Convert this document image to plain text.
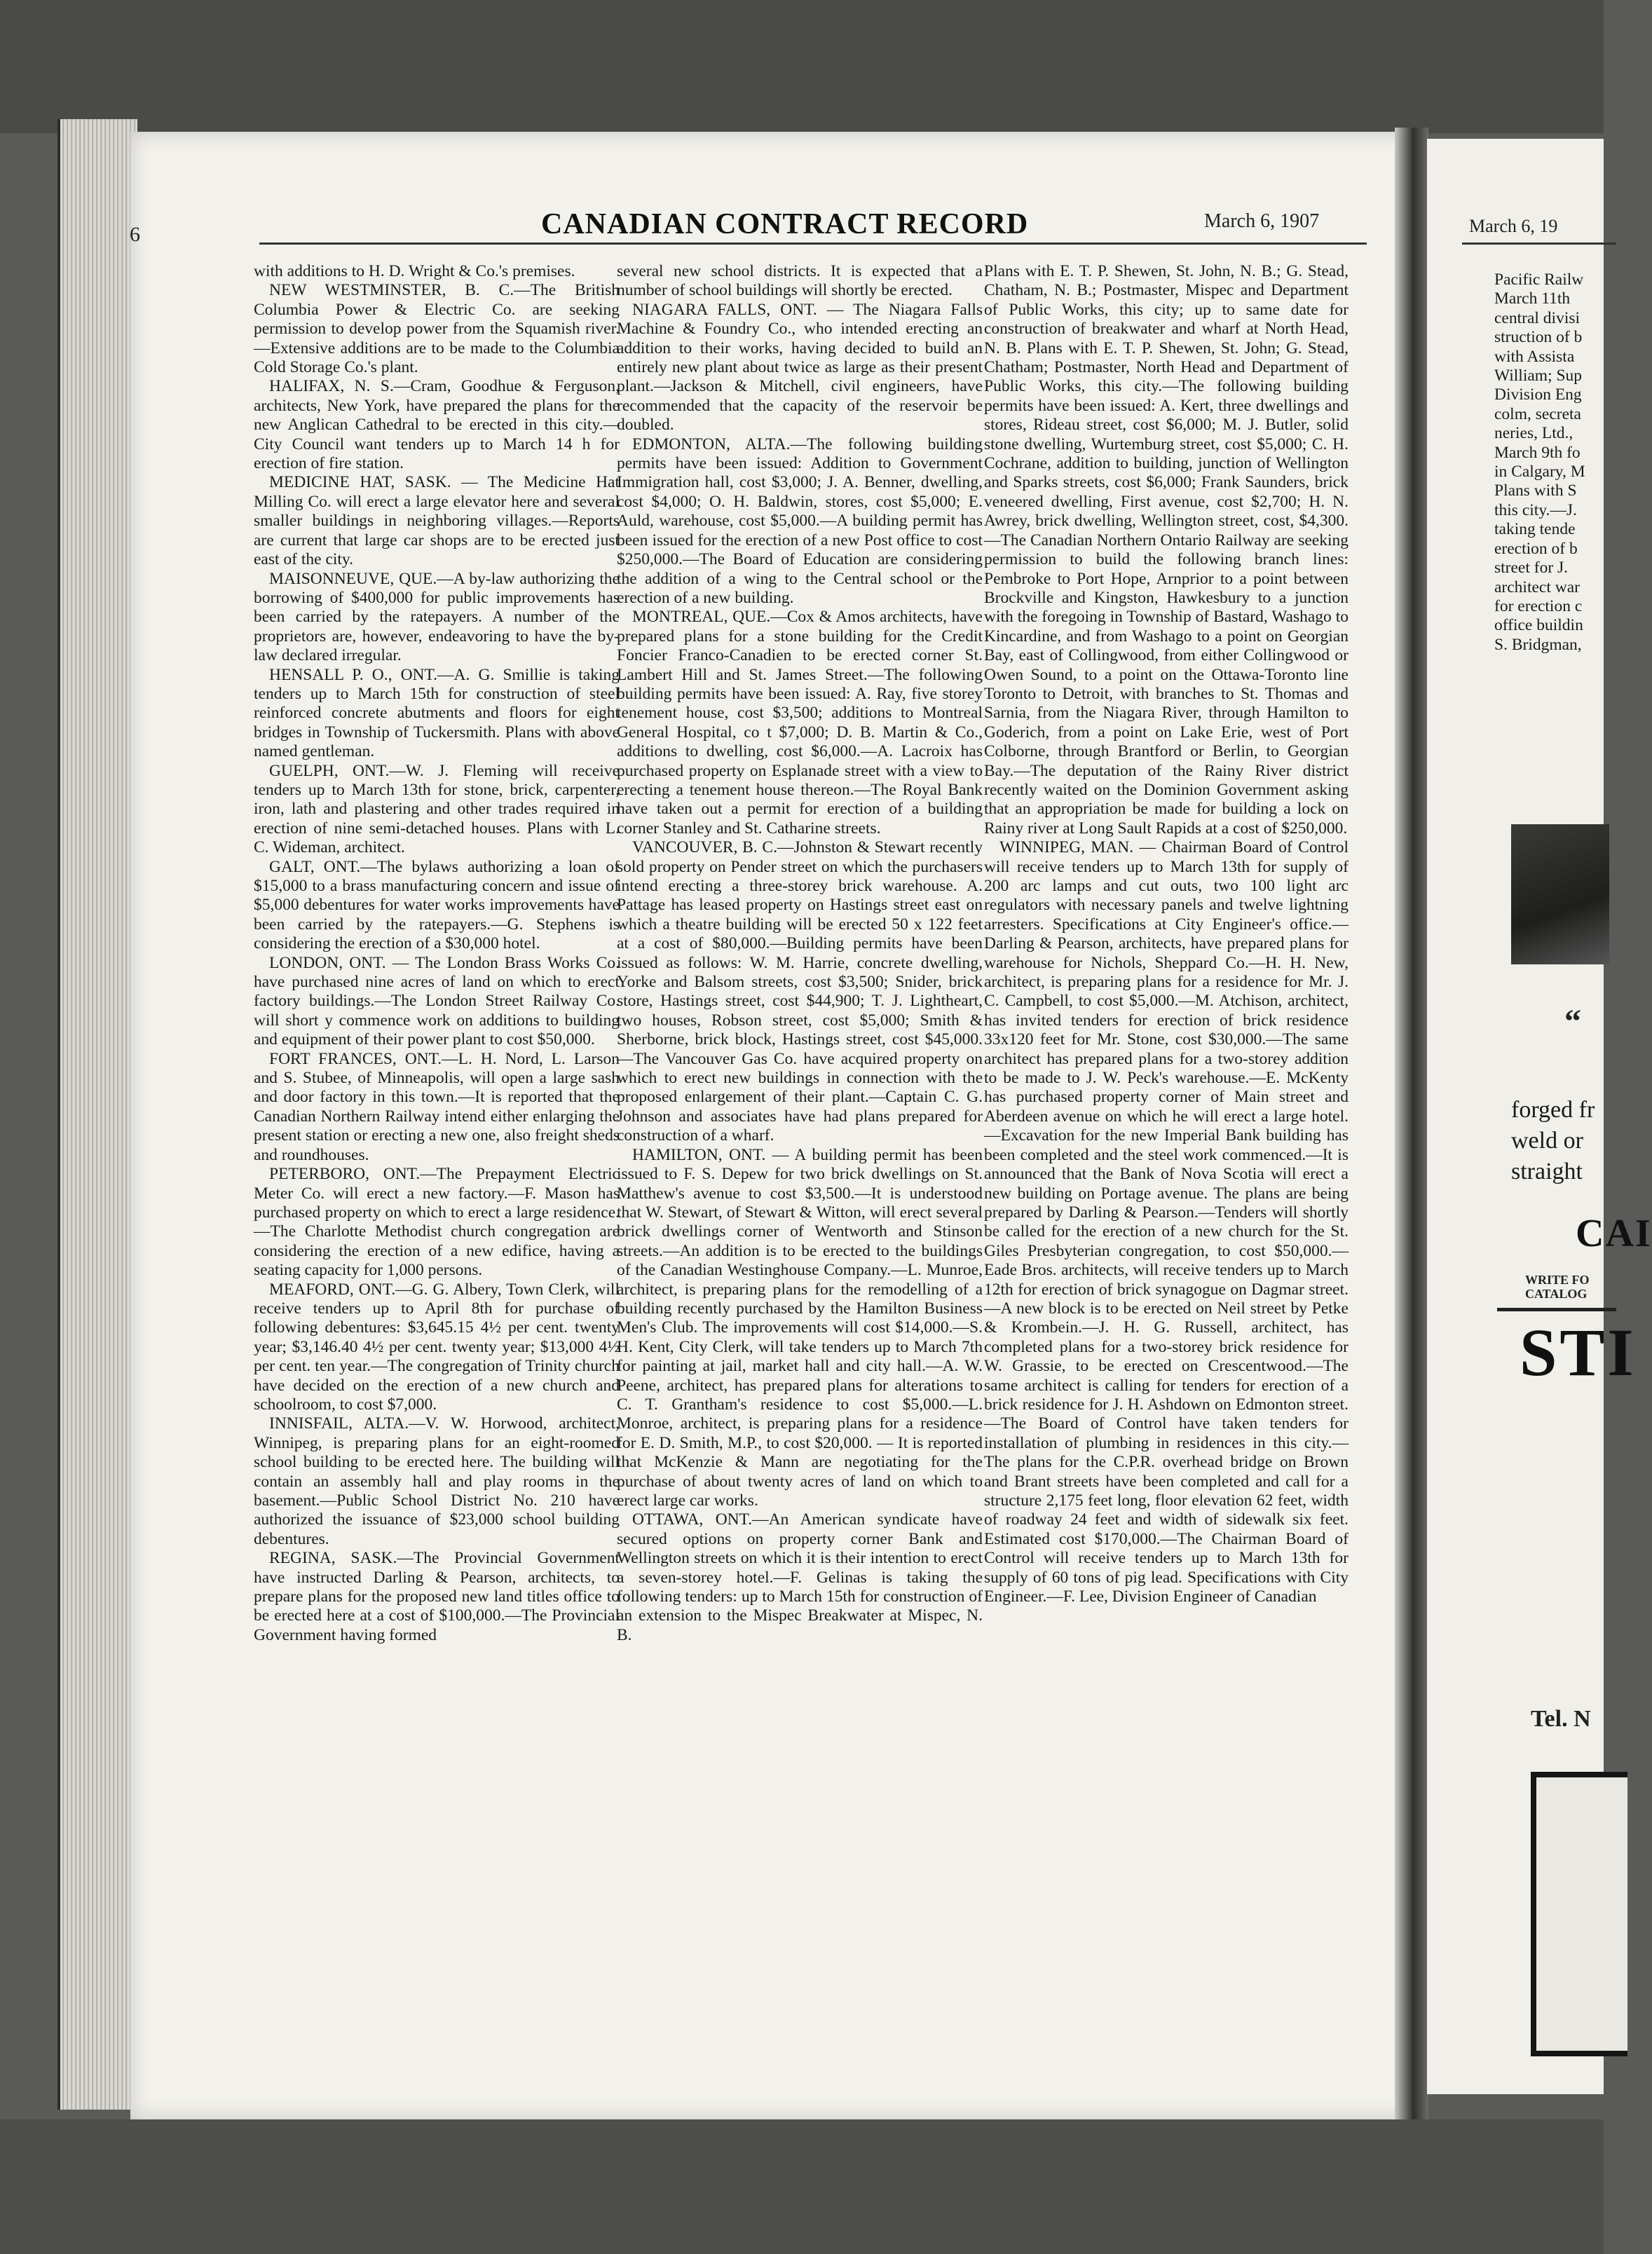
6	CANADIAN CONTRACT RECORD	March 6, 1907

with additions to H. D. Wright & Co.'s premises.

NEW WESTMINSTER, B. C.—The British Columbia Power & Electric Co. are seeking permission to develop power from the Squamish river.—Extensive additions are to be made to the Columbia Cold Storage Co.'s plant.

HALIFAX, N. S.—Cram, Goodhue & Ferguson, architects, New York, have prepared the plans for the new Anglican Cathedral to be erected in this city.—City Council want tenders up to March 14 h for erection of fire station.

MEDICINE HAT, SASK. — The Medicine Hat Milling Co. will erect a large elevator here and several smaller buildings in neighboring villages.—Reports are current that large car shops are to be erected just east of the city.

MAISONNEUVE, QUE.—A by-law authorizing the borrowing of $400,000 for public improvements has been carried by the ratepayers. A number of the proprietors are, however, endeavoring to have the by-law declared irregular.

HENSALL P. O., ONT.—A. G. Smillie is taking tenders up to March 15th for construction of steel reinforced concrete abutments and floors for eight bridges in Township of Tuckersmith. Plans with above named gentleman.

GUELPH, ONT.—W. J. Fleming will receive tenders up to March 13th for stone, brick, carpenter, iron, lath and plastering and other trades required in erection of nine semi-detached houses. Plans with L. C. Wideman, architect.

GALT, ONT.—The bylaws authorizing a loan of $15,000 to a brass manufacturing concern and issue of $5,000 debentures for water works improvements have been carried by the ratepayers.—G. Stephens is considering the erection of a $30,000 hotel.

LONDON, ONT. — The London Brass Works Co. have purchased nine acres of land on which to erect factory buildings.—The London Street Railway Co. will short y commence work on additions to building and equipment of their power plant to cost $50,000.

FORT FRANCES, ONT.—L. H. Nord, L. Larson and S. Stubee, of Minneapolis, will open a large sash and door factory in this town.—It is reported that the Canadian Northern Railway intend either enlarging the present station or erecting a new one, also freight sheds and roundhouses.

PETERBORO, ONT.—The Prepayment Electric Meter Co. will erect a new factory.—F. Mason has purchased property on which to erect a large residence.—The Charlotte Methodist church congregation are considering the erection of a new edifice, having a seating capacity for 1,000 persons.

MEAFORD, ONT.—G. G. Albery, Town Clerk, will receive tenders up to April 8th for purchase of following debentures: $3,645.15 4½ per cent. twenty year; $3,146.40 4½ per cent. twenty year; $13,000 4½ per cent. ten year.—The congregation of Trinity church have decided on the erection of a new church and schoolroom, to cost $7,000.

INNISFAIL, ALTA.—V. W. Horwood, architect, Winnipeg, is preparing plans for an eight-roomed school building to be erected here. The building will contain an assembly hall and play rooms in the basement.—Public School District No. 210 have authorized the issuance of $23,000 school building debentures.

REGINA, SASK.—The Provincial Government have instructed Darling & Pearson, architects, to prepare plans for the proposed new land titles office to be erected here at a cost of $100,000.—The Provincial Government having formed

several new school districts. It is expected that a number of school buildings will shortly be erected.

NIAGARA FALLS, ONT. — The Niagara Falls Machine & Foundry Co., who intended erecting an addition to their works, having decided to build an entirely new plant about twice as large as their present plant.—Jackson & Mitchell, civil engineers, have recommended that the capacity of the reservoir be doubled.

EDMONTON, ALTA.—The following building permits have been issued: Addition to Government Immigration hall, cost $3,000; J. A. Benner, dwelling, cost $4,000; O. H. Baldwin, stores, cost $5,000; E. Auld, warehouse, cost $5,000.—A building permit has been issued for the erection of a new Post office to cost $250,000.—The Board of Education are considering the addition of a wing to the Central school or the erection of a new building.

MONTREAL, QUE.—Cox & Amos architects, have prepared plans for a stone building for the Credit Foncier Franco-Canadien to be erected corner St. Lambert Hill and St. James Street.—The following building permits have been issued: A. Ray, five storey tenement house, cost $3,500; additions to Montreal General Hospital, co t $7,000; D. B. Martin & Co., additions to dwelling, cost $6,000.—A. Lacroix has purchased property on Esplanade street with a view to erecting a tenement house thereon.—The Royal Bank have taken out a permit for erection of a building corner Stanley and St. Catharine streets.

VANCOUVER, B. C.—Johnston & Stewart recently sold property on Pender street on which the purchasers intend erecting a three-storey brick warehouse. A. Pattage has leased property on Hastings street east on which a theatre building will be erected 50 x 122 feet at a cost of $80,000.—Building permits have been issued as follows: W. M. Harrie, concrete dwelling, Yorke and Balsom streets, cost $3,500; Snider, brick store, Hastings street, cost $44,900; T. J. Lightheart, two houses, Robson street, cost $5,000; Smith & Sherborne, brick block, Hastings street, cost $45,000.—The Vancouver Gas Co. have acquired property on which to erect new buildings in connection with the proposed enlargement of their plant.—Captain C. G. Johnson and associates have had plans prepared for construction of a wharf.

HAMILTON, ONT. — A building permit has been issued to F. S. Depew for two brick dwellings on St. Matthew's avenue to cost $3,500.—It is understood that W. Stewart, of Stewart & Witton, will erect several brick dwellings corner of Wentworth and Stinson streets.—An addition is to be erected to the buildings of the Canadian Westinghouse Company.—L. Munroe, architect, is preparing plans for the remodelling of a building recently purchased by the Hamilton Business Men's Club. The improvements will cost $14,000.—S. H. Kent, City Clerk, will take tenders up to March 7th for painting at jail, market hall and city hall.—A. W. Peene, architect, has prepared plans for alterations to C. T. Grantham's residence to cost $5,000.—L. Monroe, architect, is preparing plans for a residence for E. D. Smith, M.P., to cost $20,000. — It is reported that McKenzie & Mann are negotiating for the purchase of about twenty acres of land on which to erect large car works.

OTTAWA, ONT.—An American syndicate have secured options on property corner Bank and Wellington streets on which it is their intention to erect a seven-storey hotel.—F. Gelinas is taking the following tenders: up to March 15th for construction of an extension to the Mispec Breakwater at Mispec, N. B.

Plans with E. T. P. Shewen, St. John, N. B.; G. Stead, Chatham, N. B.; Postmaster, Mispec and Department of Public Works, this city; up to same date for construction of breakwater and wharf at North Head, N. B. Plans with E. T. P. Shewen, St. John; G. Stead, Chatham; Postmaster, North Head and Department of Public Works, this city.—The following building permits have been issued: A. Kert, three dwellings and stores, Rideau street, cost $6,000; M. J. Butler, solid stone dwelling, Wurtemburg street, cost $5,000; C. H. Cochrane, addition to building, junction of Wellington and Sparks streets, cost $6,000; Frank Saunders, brick veneered dwelling, First avenue, cost $2,700; H. N. Awrey, brick dwelling, Wellington street, cost, $4,300.—The Canadian Northern Ontario Railway are seeking permission to build the following branch lines: Pembroke to Port Hope, Arnprior to a point between Brockville and Kingston, Hawkesbury to a junction with the foregoing in Township of Bastard, Washago to Kincardine, and from Washago to a point on Georgian Bay, east of Collingwood, from either Collingwood or Owen Sound, to a point on the Ottawa-Toronto line Toronto to Detroit, with branches to St. Thomas and Sarnia, from the Niagara River, through Hamilton to Goderich, from a point on Lake Erie, west of Port Colborne, through Brantford or Berlin, to Georgian Bay.—The deputation of the Rainy River district recently waited on the Dominion Government asking that an appropriation be made for building a lock on Rainy river at Long Sault Rapids at a cost of $250,000.

WINNIPEG, MAN. — Chairman Board of Control will receive tenders up to March 13th for supply of 200 arc lamps and cut outs, two 100 light arc regulators with necessary panels and twelve lightning arresters. Specifications at City Engineer's office.—Darling & Pearson, architects, have prepared plans for warehouse for Nichols, Sheppard Co.—H. H. New, architect, is preparing plans for a residence for Mr. J. C. Campbell, to cost $5,000.—M. Atchison, architect, has invited tenders for erection of brick residence 33x120 feet for Mr. Stone, cost $30,000.—The same architect has prepared plans for a two-storey addition to be made to J. W. Peck's warehouse.—E. McKenty has purchased property corner of Main street and Aberdeen avenue on which he will erect a large hotel.—Excavation for the new Imperial Bank building has been completed and the steel work commenced.—It is announced that the Bank of Nova Scotia will erect a new building on Portage avenue. The plans are being prepared by Darling & Pearson.—Tenders will shortly be called for the erection of a new church for the St. Giles Presbyterian congregation, to cost $50,000.—Eade Bros. architects, will receive tenders up to March 12th for erection of brick synagogue on Dagmar street.—A new block is to be erected on Neil street by Petke & Krombein.—J. H. G. Russell, architect, has completed plans for a two-storey brick residence for W. Grassie, to be erected on Crescentwood.—The same architect is calling for tenders for erection of a brick residence for J. H. Ashdown on Edmonton street.—The Board of Control have taken tenders for installation of plumbing in residences in this city.—The plans for the C.P.R. overhead bridge on Brown and Brant streets have been completed and call for a structure 2,175 feet long, floor elevation 62 feet, width of roadway 24 feet and width of sidewalk six feet. Estimated cost $170,000.—The Chairman Board of Control will receive tenders up to March 13th for supply of 60 tons of pig lead. Specifications with City Engineer.—F. Lee, Division Engineer of Canadian

March 6, 19
Pacific Railw
March 11th
central divisi
struction of b
with Assista
William; Sup
Division Eng
colm, secreta
neries, Ltd.,
March 9th fo
in Calgary, M
Plans with S
this city.—J.
taking tende
erection of b
street for J.
architect war
for erection c
office buildin
S. Bridgman,
“
forged fr
weld or
straight
CAI
WRITE FO
CATALOG
STI
Tel. N
